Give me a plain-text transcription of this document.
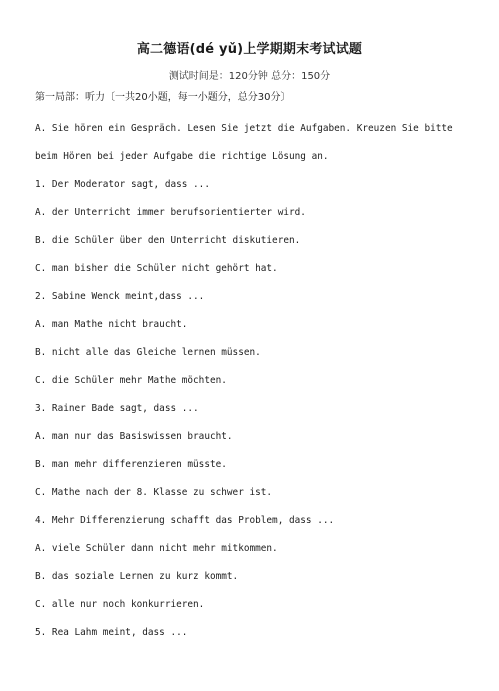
高二德语(dé yǔ)上学期期末考试试题
测试时间是：120分钟 总分：150分
第一局部：听力〔一共20小题，每一小题分，总分30分〕
A. Sie hören ein Gespräch. Lesen Sie jetzt die Aufgaben. Kreuzen Sie bitte
beim Hören bei jeder Aufgabe die richtige Lösung an.
1. Der Moderator sagt, dass ...
A. der Unterricht immer berufsorientierter wird.
B. die Schüler über den Unterricht diskutieren.
C. man bisher die Schüler nicht gehört hat.
2. Sabine Wenck meint,dass ...
A. man Mathe nicht braucht.
B. nicht alle das Gleiche lernen müssen.
C. die Schüler mehr Mathe möchten.
3. Rainer Bade sagt, dass ...
A. man nur das Basiswissen braucht.
B. man mehr differenzieren müsste.
C. Mathe nach der 8. Klasse zu schwer ist.
4. Mehr Differenzierung schafft das Problem, dass ...
A. viele Schüler dann nicht mehr mitkommen.
B. das soziale Lernen zu kurz kommt.
C. alle nur noch konkurrieren.
5. Rea Lahm meint, dass ...
